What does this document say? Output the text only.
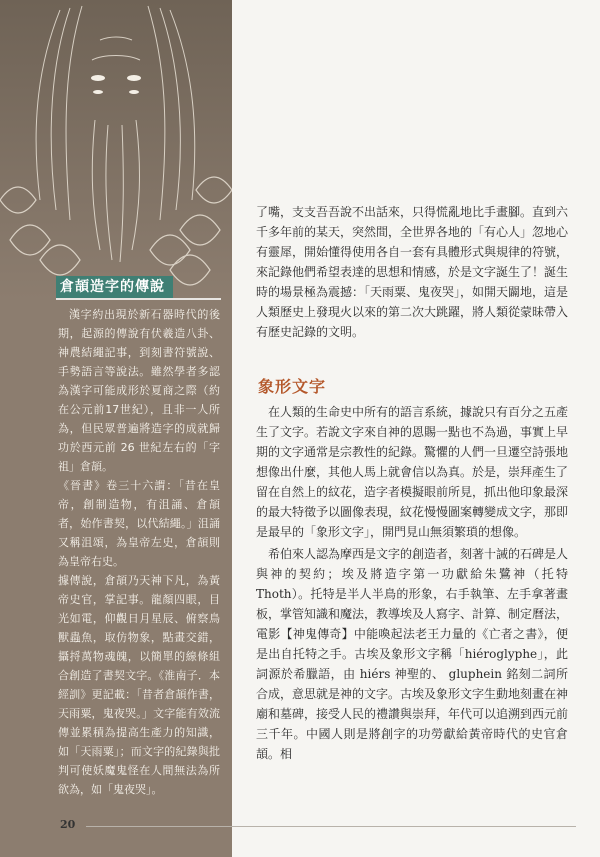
倉頡造字的傳說

漢字約出現於新石器時代的後期，起源的傳說有伏羲造八卦、神農結繩記事，到刻書符號說、手勢語言等說法。雖然學者多認為漢字可能成形於夏商之際（約在公元前17世紀），且非一人所為，但民眾普遍將造字的成就歸功於西元前 26 世紀左右的「字祖」倉頡。

《晉書》卷三十六謂：「昔在皇帝，創制造物，有沮誦、倉頡者，始作書契，以代結繩。」沮誦又稱沮頌，為皇帝左史，倉頡則為皇帝右史。

據傳說，倉頡乃天神下凡，為黃帝史官，掌記事。龍顏四眼，目光如電，仰觀日月星辰、俯察鳥獸蟲魚，取仿物象，點畫交錯，攝捋萬物魂魄，以簡單的線條組合創造了書契文字。《淮南子．本經訓》更記載：「昔者倉頡作書，天雨粟，鬼夜哭。」文字能有效流傳並累積為提高生產力的知識，如「天雨粟」；而文字的紀錄與批判可使妖魔鬼怪在人間無法為所欲為，如「鬼夜哭」。

了嘴，支支吾吾說不出話來，只得慌亂地比手畫腳。直到六千多年前的某天，突然間，全世界各地的「有心人」忽地心有靈犀，開始懂得使用各自一套有具體形式與規律的符號，來記錄他們希望表達的思想和情感，於是文字誕生了！誕生時的場景極為震撼：「天雨粟、鬼夜哭」，如開天闢地，這是人類歷史上發現火以來的第二次大跳躍，將人類從蒙昧帶入有歷史記錄的文明。

象形文字

在人類的生命史中所有的語言系統，據說只有百分之五產生了文字。若說文字來自神的恩賜一點也不為過，事實上早期的文字通常是宗教性的紀錄。驚懼的人們一旦遷空詩張地想像出什麼，其他人馬上就會信以為真。於是，崇拜產生了留在自然上的紋花，造字者模擬眼前所見，抓出他印象最深的最大特徵予以圖像表現，紋花慢慢圖案轉變成文字，那即是最早的「象形文字」，開門見山無須繁瑣的想像。

希伯來人認為摩西是文字的創造者，刻著十誡的石碑是人與神的契約；埃及將造字第一功獻給朱鷺神（托特 Thoth）。托特是半人半鳥的形象，右手執筆、左手拿著畫板，掌管知識和魔法，教導埃及人寫字、計算、制定曆法，電影【神鬼傳奇】中能喚起法老王力量的《亡者之書》，便是出自托特之手。古埃及象形文字稱「hiéroglyphe」，此詞源於希臘語，由 hiérs 神聖的、 gluphein 銘刻二詞所合成，意思就是神的文字。古埃及象形文字生動地刻畫在神廟和墓碑，接受人民的禮讚與崇拜，年代可以追溯到西元前三千年。中國人則是將創字的功勞獻給黃帝時代的史官倉頡。相

20
